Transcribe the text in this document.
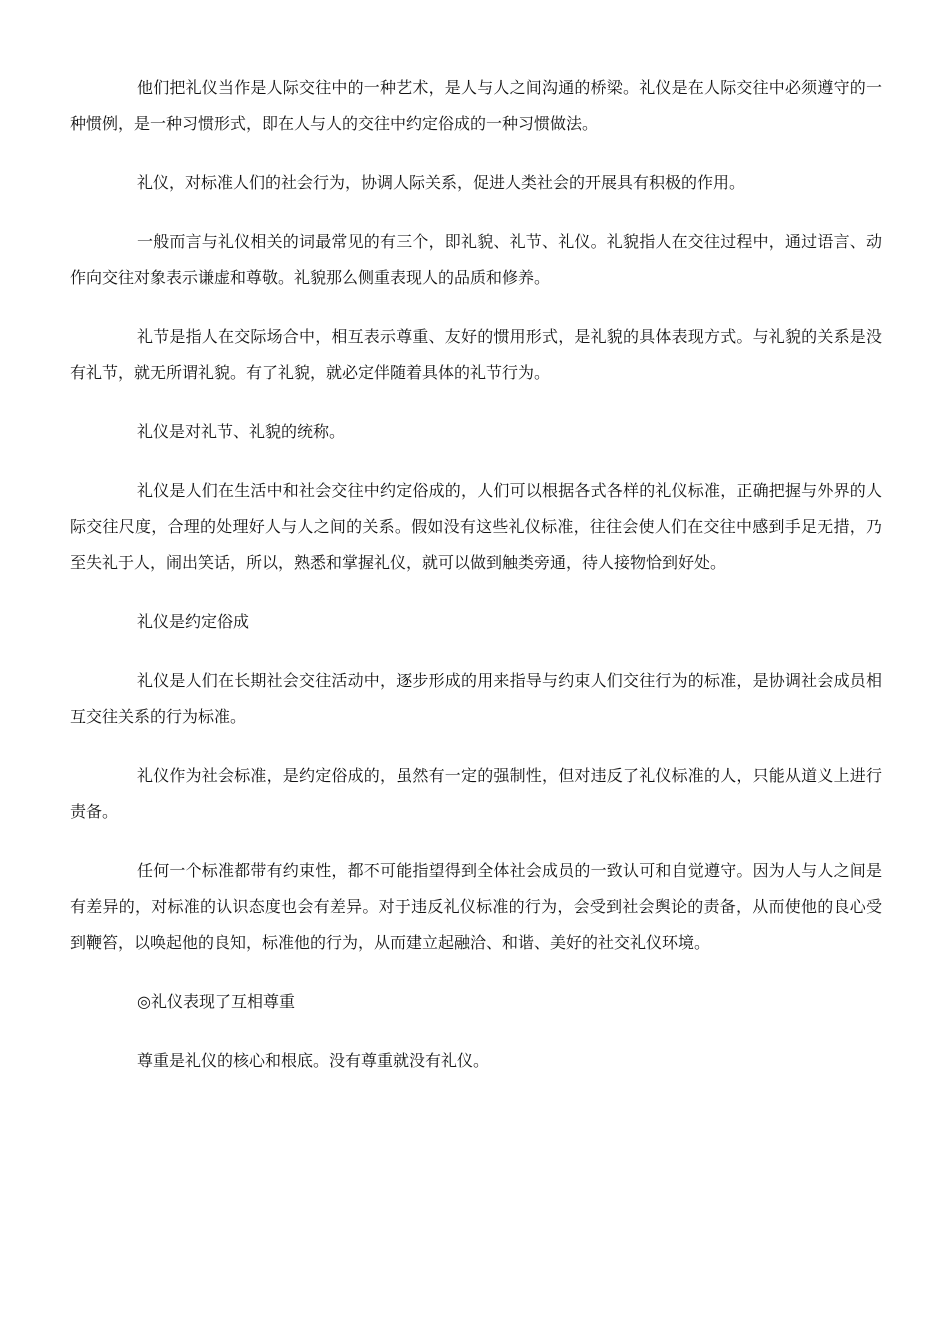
他们把礼仪当作是人际交往中的一种艺术，是人与人之间沟通的桥梁。礼仪是在人际交往中必须遵守的一种惯例，是一种习惯形式，即在人与人的交往中约定俗成的一种习惯做法。

礼仪，对标准人们的社会行为，协调人际关系，促进人类社会的开展具有积极的作用。

一般而言与礼仪相关的词最常见的有三个，即礼貌、礼节、礼仪。礼貌指人在交往过程中，通过语言、动作向交往对象表示谦虚和尊敬。礼貌那么侧重表现人的品质和修养。

礼节是指人在交际场合中，相互表示尊重、友好的惯用形式，是礼貌的具体表现方式。与礼貌的关系是没有礼节，就无所谓礼貌。有了礼貌，就必定伴随着具体的礼节行为。

礼仪是对礼节、礼貌的统称。

礼仪是人们在生活中和社会交往中约定俗成的，人们可以根据各式各样的礼仪标准，正确把握与外界的人际交往尺度，合理的处理好人与人之间的关系。假如没有这些礼仪标准，往往会使人们在交往中感到手足无措，乃至失礼于人，闹出笑话，所以，熟悉和掌握礼仪，就可以做到触类旁通，待人接物恰到好处。

礼仪是约定俗成

礼仪是人们在长期社会交往活动中，逐步形成的用来指导与约束人们交往行为的标准，是协调社会成员相互交往关系的行为标准。

礼仪作为社会标准，是约定俗成的，虽然有一定的强制性，但对违反了礼仪标准的人，只能从道义上进行责备。

任何一个标准都带有约束性，都不可能指望得到全体社会成员的一致认可和自觉遵守。因为人与人之间是有差异的，对标准的认识态度也会有差异。对于违反礼仪标准的行为，会受到社会舆论的责备，从而使他的良心受到鞭笞，以唤起他的良知，标准他的行为，从而建立起融洽、和谐、美好的社交礼仪环境。

◎礼仪表现了互相尊重

尊重是礼仪的核心和根底。没有尊重就没有礼仪。
